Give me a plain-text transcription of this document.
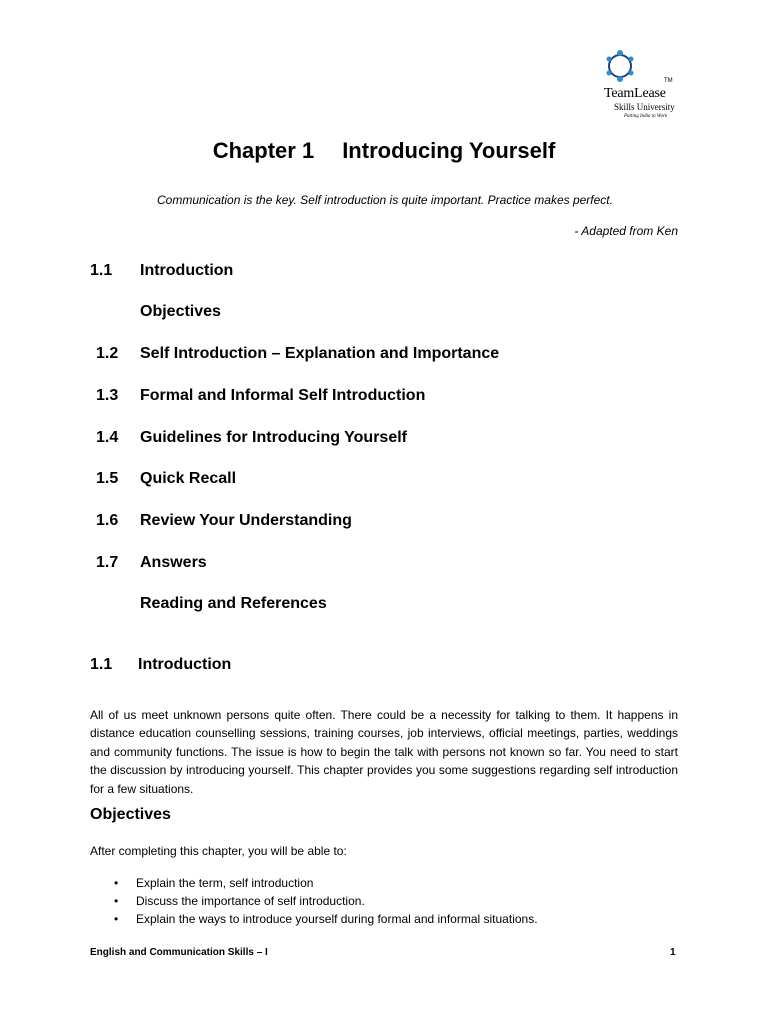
TM
TeamLease
Skills University
Putting India to Work
Chapter 1 Introducing Yourself
Communication is the key. Self introduction is quite important. Practice makes perfect.
- Adapted from Ken
1.1 Introduction
Objectives
1.2 Self Introduction – Explanation and Importance
1.3 Formal and Informal Self Introduction
1.4 Guidelines for Introducing Yourself
1.5 Quick Recall
1.6 Review Your Understanding
1.7 Answers
Reading and References
1.1 Introduction
All of us meet unknown persons quite often. There could be a necessity for talking to them. It happens in distance education counselling sessions, training courses, job interviews, official meetings, parties, weddings and community functions. The issue is how to begin the talk with persons not known so far. You need to start the discussion by introducing yourself. This chapter provides you some suggestions regarding self introduction for a few situations.
Objectives
After completing this chapter, you will be able to:
• Explain the term, self introduction
• Discuss the importance of self introduction.
• Explain the ways to introduce yourself during formal and informal situations.
English and Communication Skills – I	1
